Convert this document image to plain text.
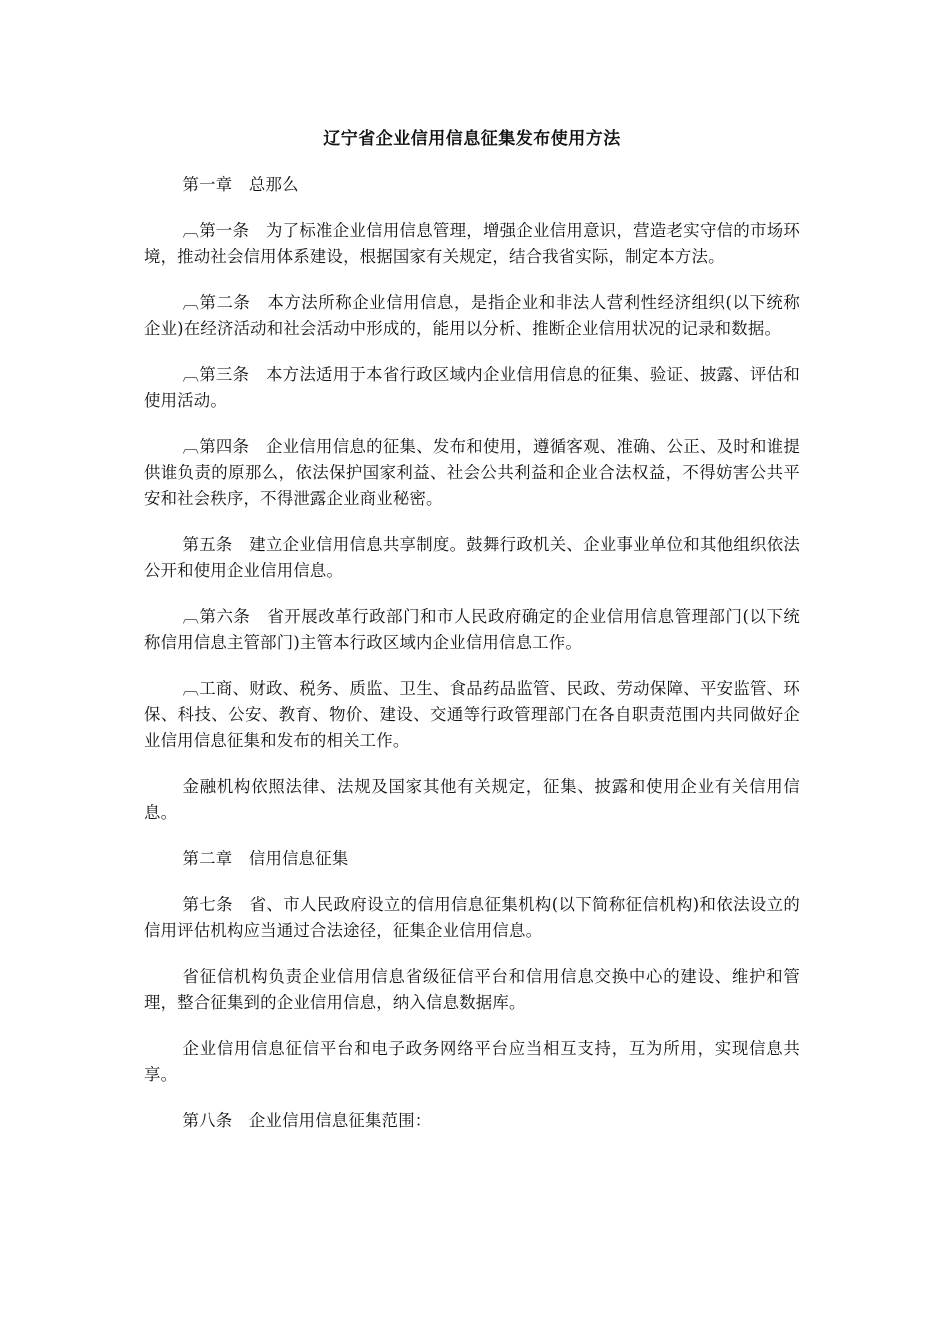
辽宁省企业信用信息征集发布使用方法

第一章　总那么

︹第一条　为了标准企业信用信息管理，增强企业信用意识，营造老实守信的市场环境，推动社会信用体系建设，根据国家有关规定，结合我省实际，制定本方法。

︹第二条　本方法所称企业信用信息，是指企业和非法人营利性经济组织(以下统称企业)在经济活动和社会活动中形成的，能用以分析、推断企业信用状况的记录和数据。

︹第三条　本方法适用于本省行政区域内企业信用信息的征集、验证、披露、评估和使用活动。

︹第四条　企业信用信息的征集、发布和使用，遵循客观、准确、公正、及时和谁提供谁负责的原那么，依法保护国家利益、社会公共利益和企业合法权益，不得妨害公共平安和社会秩序，不得泄露企业商业秘密。

第五条　建立企业信用信息共享制度。鼓舞行政机关、企业事业单位和其他组织依法公开和使用企业信用信息。

︹第六条　省开展改革行政部门和市人民政府确定的企业信用信息管理部门(以下统称信用信息主管部门)主管本行政区域内企业信用信息工作。

︹工商、财政、税务、质监、卫生、食品药品监管、民政、劳动保障、平安监管、环保、科技、公安、教育、物价、建设、交通等行政管理部门在各自职责范围内共同做好企业信用信息征集和发布的相关工作。

金融机构依照法律、法规及国家其他有关规定，征集、披露和使用企业有关信用信息。

第二章　信用信息征集

第七条　省、市人民政府设立的信用信息征集机构(以下简称征信机构)和依法设立的信用评估机构应当通过合法途径，征集企业信用信息。

省征信机构负责企业信用信息省级征信平台和信用信息交换中心的建设、维护和管理，整合征集到的企业信用信息，纳入信息数据库。

企业信用信息征信平台和电子政务网络平台应当相互支持，互为所用，实现信息共享。

第八条　企业信用信息征集范围：
